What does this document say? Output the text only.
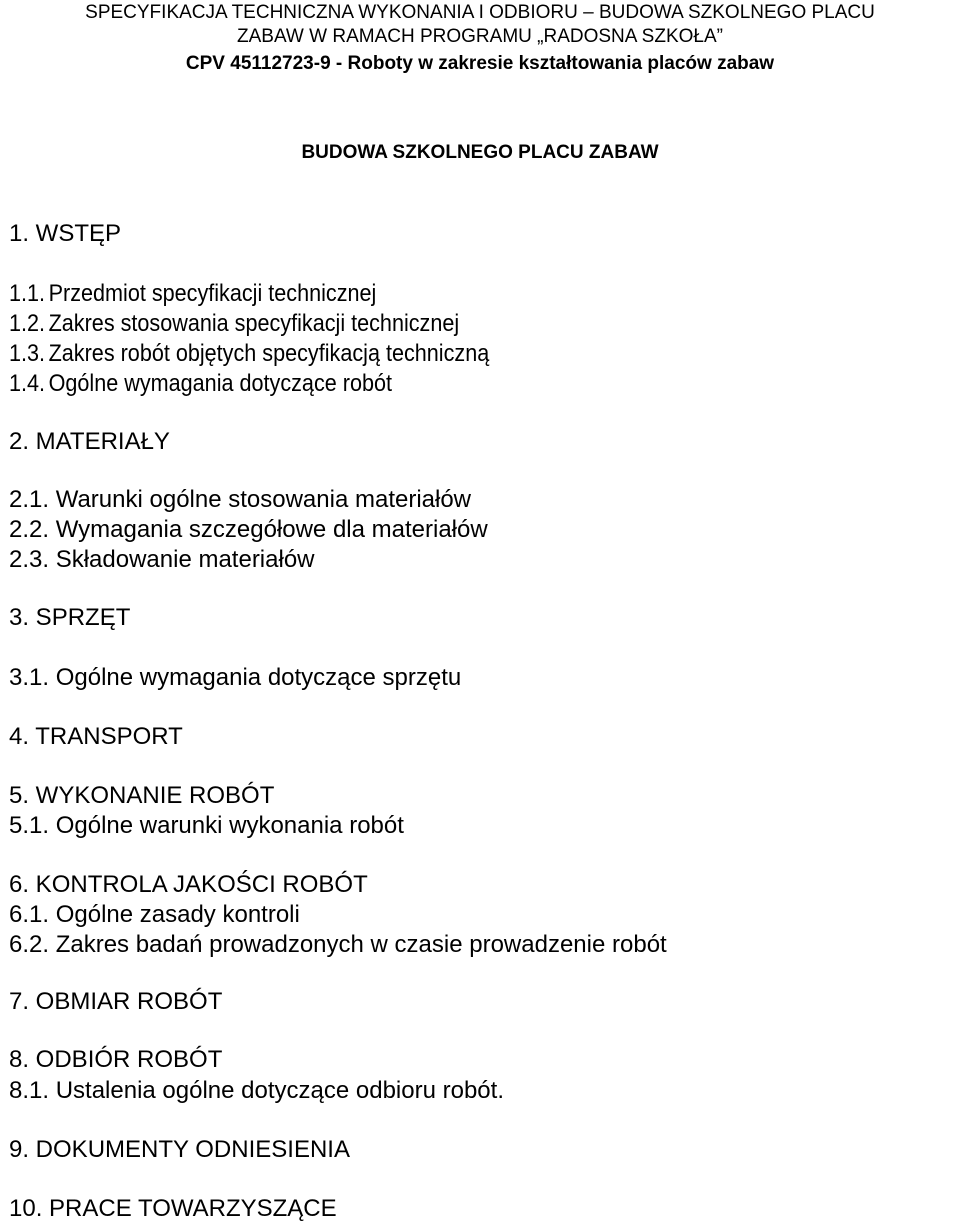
SPECYFIKACJA TECHNICZNA WYKONANIA I ODBIORU – BUDOWA SZKOLNEGO PLACU
ZABAW W RAMACH PROGRAMU „RADOSNA SZKOŁA”
CPV 45112723-9 - Roboty w zakresie kształtowania placów zabaw
BUDOWA SZKOLNEGO PLACU ZABAW
1. WSTĘP
1.1. Przedmiot specyfikacji technicznej
1.2. Zakres stosowania specyfikacji technicznej
1.3. Zakres robót objętych specyfikacją techniczną
1.4. Ogólne wymagania dotyczące robót
2. MATERIAŁY
2.1. Warunki ogólne stosowania materiałów
2.2. Wymagania szczegółowe dla materiałów
2.3. Składowanie materiałów
3. SPRZĘT
3.1. Ogólne wymagania dotyczące sprzętu
4. TRANSPORT
5. WYKONANIE ROBÓT
5.1. Ogólne warunki wykonania robót
6. KONTROLA JAKOŚCI ROBÓT
6.1. Ogólne zasady kontroli
6.2. Zakres badań prowadzonych w czasie prowadzenie robót
7. OBMIAR ROBÓT
8. ODBIÓR ROBÓT
8.1. Ustalenia ogólne dotyczące odbioru robót.
9. DOKUMENTY ODNIESIENIA
10. PRACE TOWARZYSZĄCE
